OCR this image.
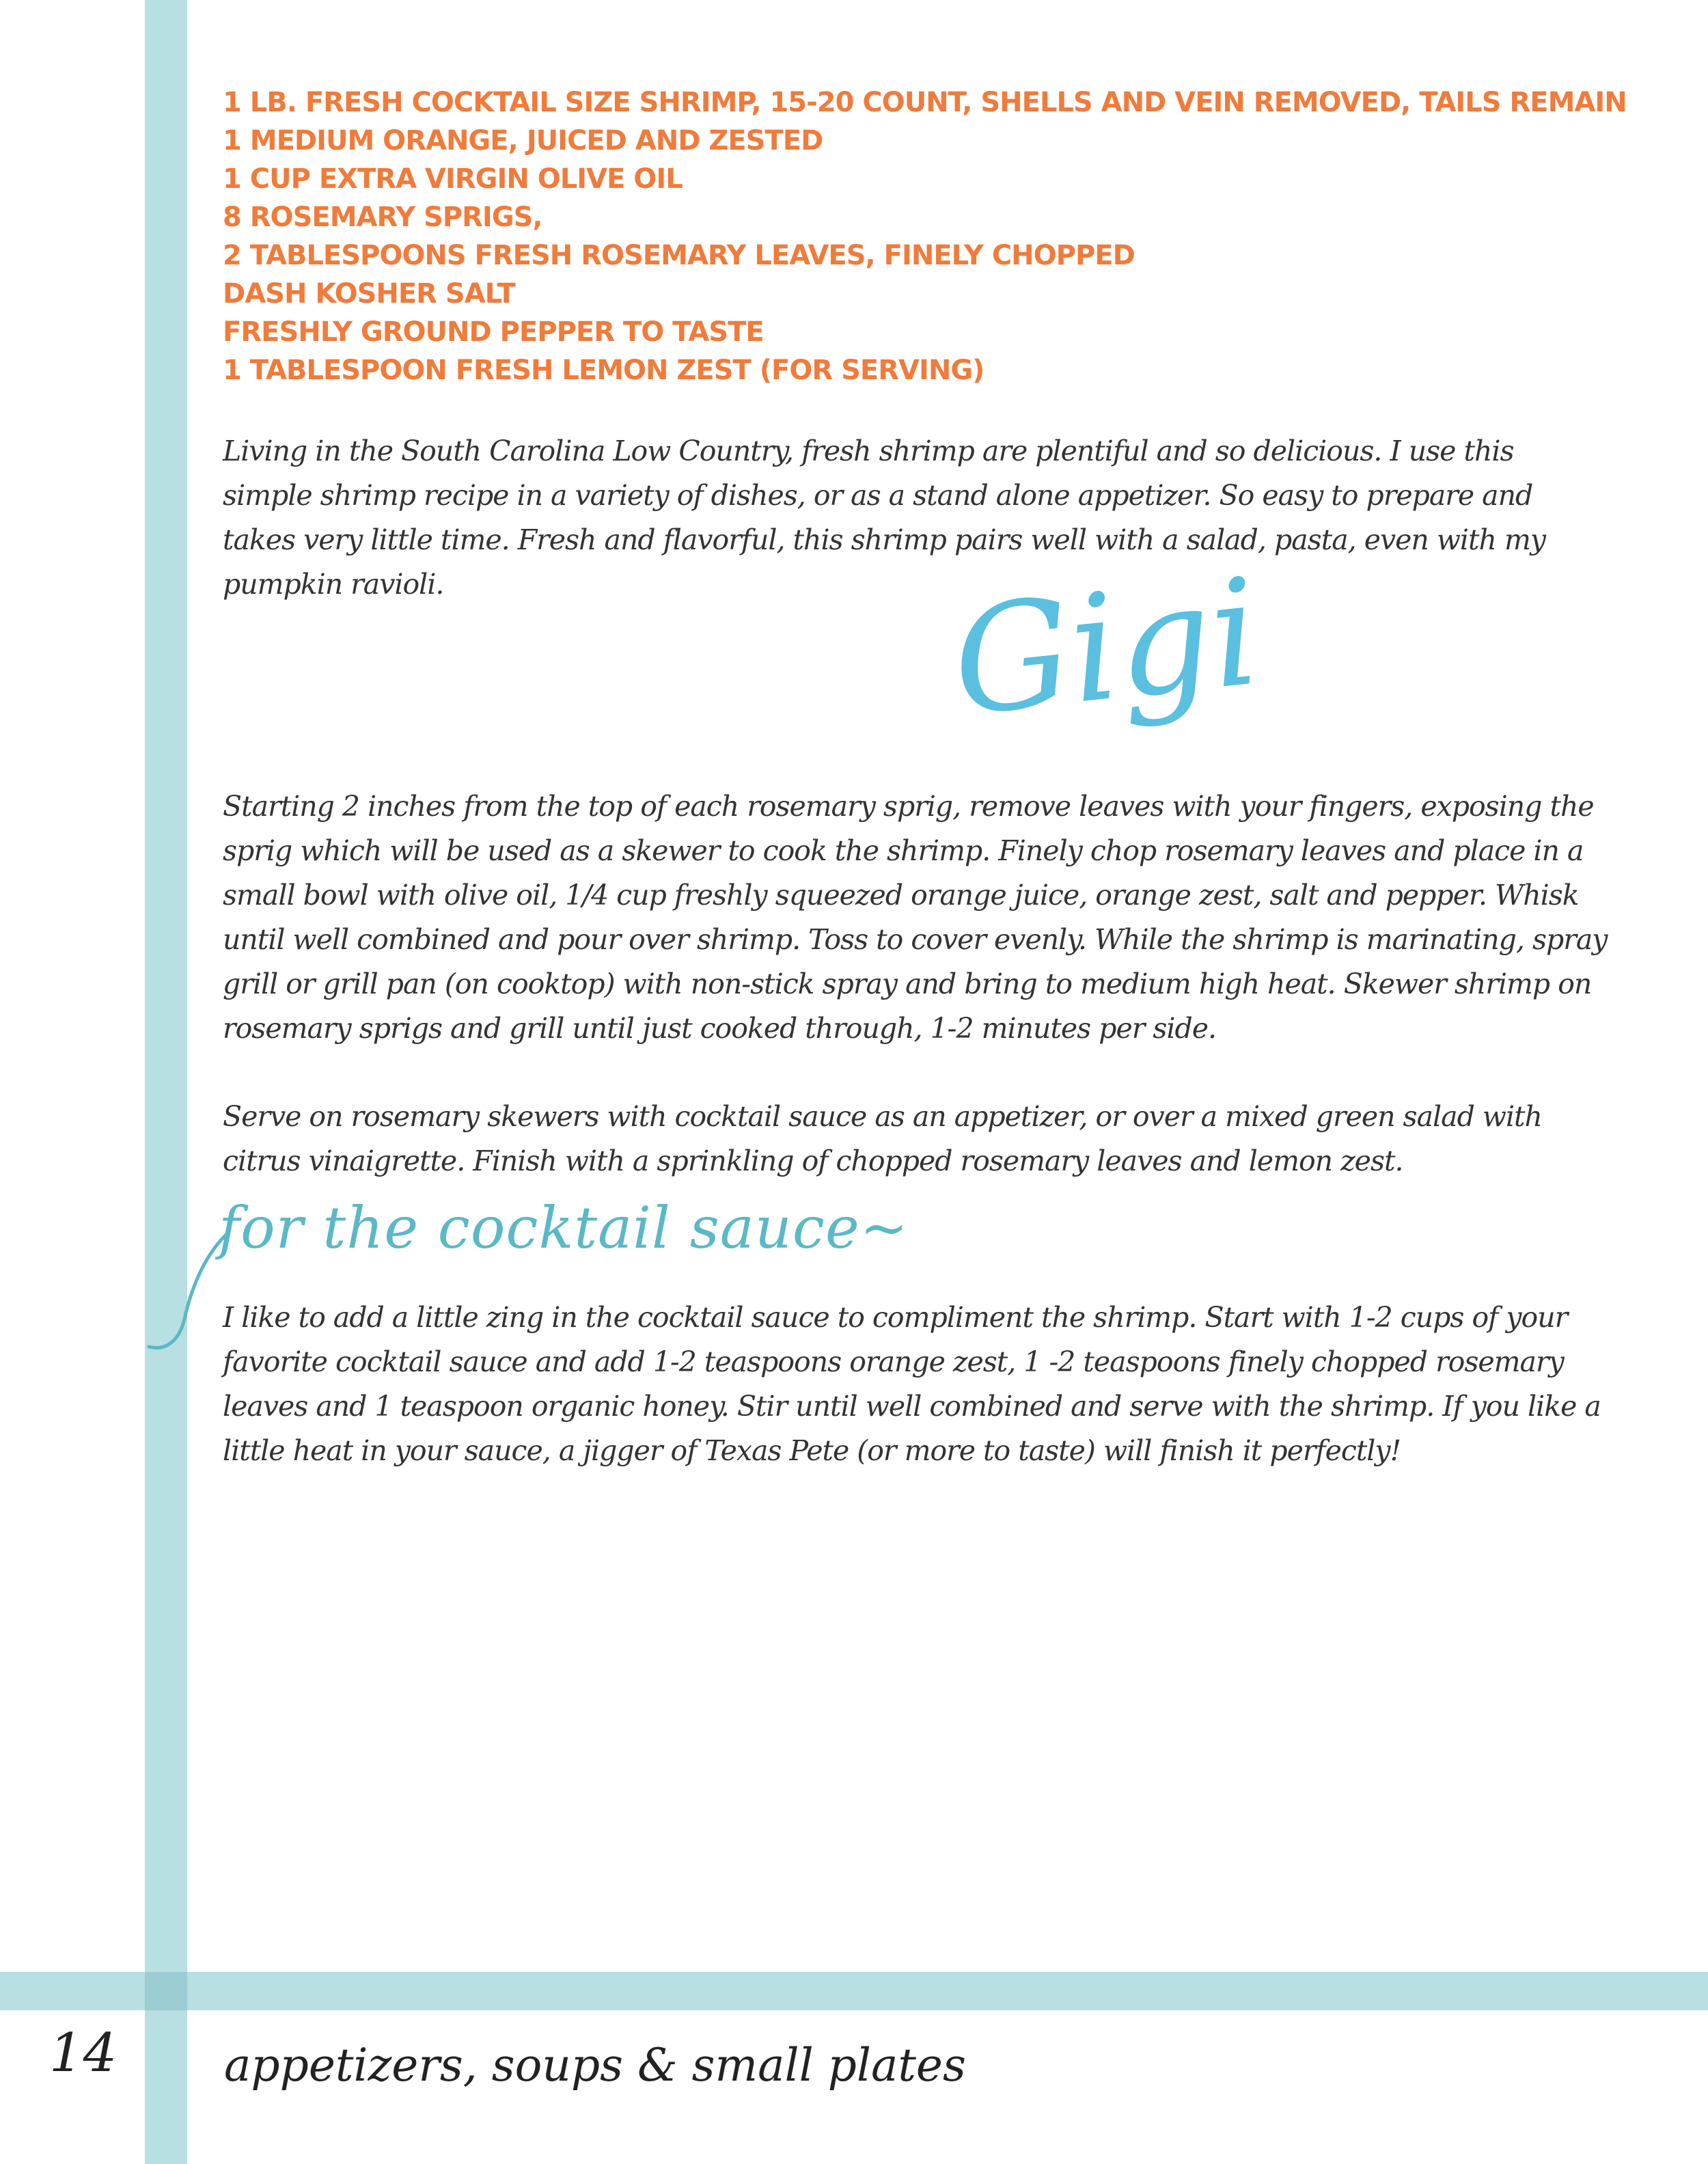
1 LB. FRESH COCKTAIL SIZE SHRIMP, 15-20 COUNT, SHELLS AND VEIN REMOVED, TAILS REMAIN
1 MEDIUM ORANGE, JUICED AND ZESTED
1 CUP EXTRA VIRGIN OLIVE OIL
8 ROSEMARY SPRIGS,
2 TABLESPOONS FRESH ROSEMARY LEAVES, FINELY CHOPPED
DASH KOSHER SALT
FRESHLY GROUND PEPPER TO TASTE
1 TABLESPOON FRESH LEMON ZEST (FOR SERVING)

Living in the South Carolina Low Country, fresh shrimp are plentiful and so delicious. I use this simple shrimp recipe in a variety of dishes, or as a stand alone appetizer. So easy to prepare and takes very little time. Fresh and flavorful, this shrimp pairs well with a salad, pasta, even with my pumpkin ravioli.	Gigi

Starting 2 inches from the top of each rosemary sprig, remove leaves with your fingers, exposing the sprig which will be used as a skewer to cook the shrimp. Finely chop rosemary leaves and place in a small bowl with olive oil, 1/4 cup freshly squeezed orange juice, orange zest, salt and pepper. Whisk until well combined and pour over shrimp. Toss to cover evenly. While the shrimp is marinating, spray grill or grill pan (on cooktop) with non-stick spray and bring to medium high heat. Skewer shrimp on rosemary sprigs and grill until just cooked through, 1-2 minutes per side.

Serve on rosemary skewers with cocktail sauce as an appetizer, or over a mixed green salad with citrus vinaigrette. Finish with a sprinkling of chopped rosemary leaves and lemon zest.

for the cocktail sauce~

I like to add a little zing in the cocktail sauce to compliment the shrimp. Start with 1-2 cups of your favorite cocktail sauce and add 1-2 teaspoons orange zest, 1 -2 teaspoons finely chopped rosemary leaves and 1 teaspoon organic honey. Stir until well combined and serve with the shrimp. If you like a little heat in your sauce, a jigger of Texas Pete (or more to taste) will finish it perfectly!

14 appetizers, soups & small plates
